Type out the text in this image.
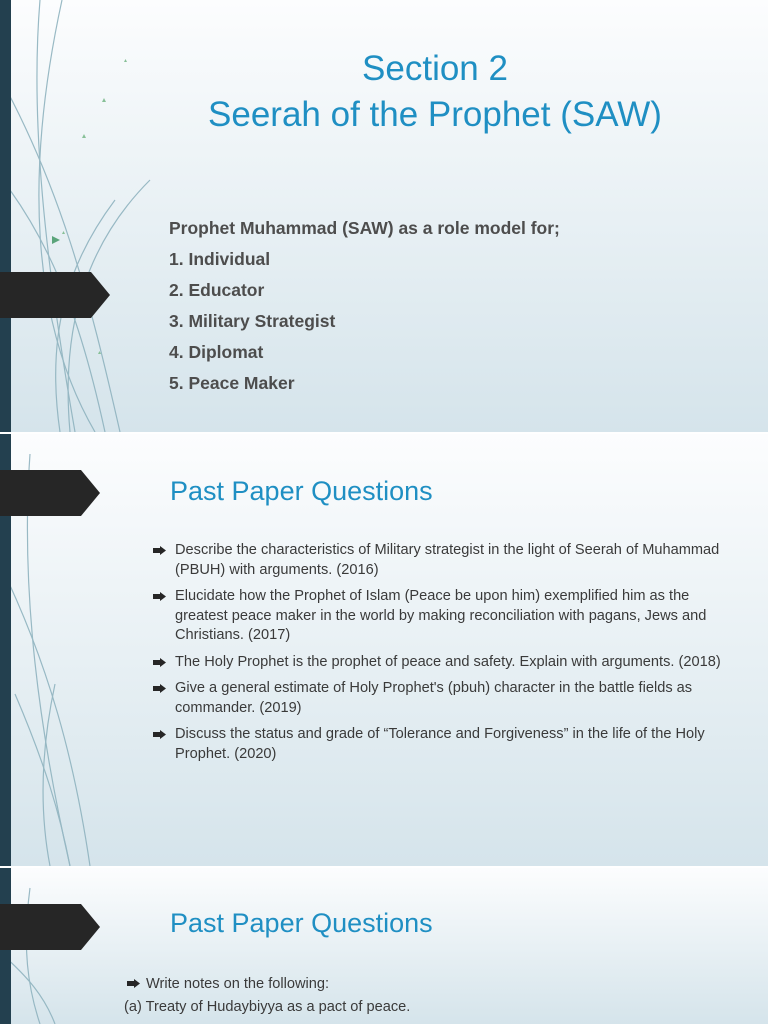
Section 2
Seerah of the Prophet (SAW)

Prophet Muhammad (SAW) as a role model for;

1. Individual

2. Educator

3. Military Strategist

4. Diplomat

5. Peace Maker

Past Paper Questions
Describe the characteristics of Military strategist in the light of Seerah of Muhammad (PBUH) with arguments. (2016)
Elucidate how the Prophet of Islam (Peace be upon him) exemplified him as the greatest peace maker in the world by making reconciliation with pagans, Jews and Christians. (2017)
The Holy Prophet is the prophet of peace and safety. Explain with arguments. (2018)
Give a general estimate of Holy Prophet's (pbuh) character in the battle fields as commander. (2019)
Discuss the status and grade of “Tolerance and Forgiveness” in the life of the Holy Prophet. (2020)
Past Paper Questions
Write notes on the following:
(a) Treaty of Hudaybiyya as a pact of peace.
